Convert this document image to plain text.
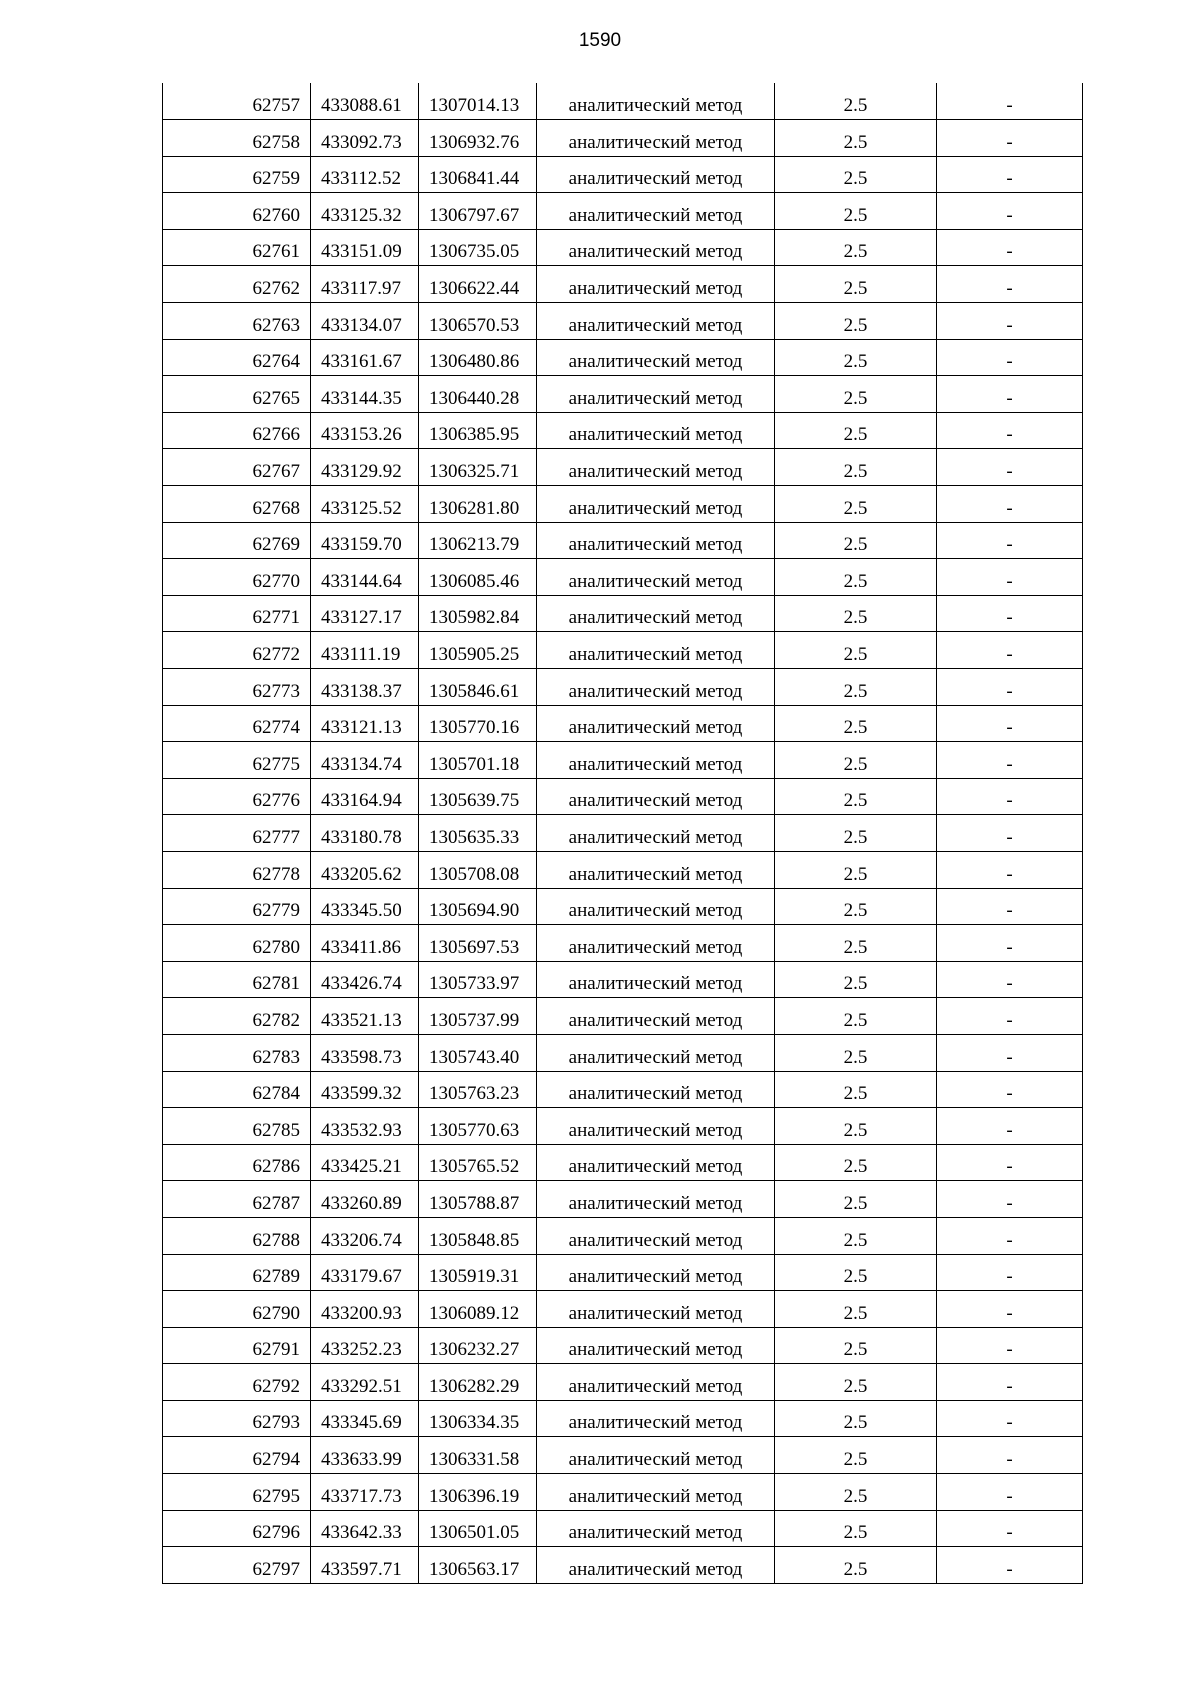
1590
62757	433088.61	1307014.13	аналитический метод	2.5	-
62758	433092.73	1306932.76	аналитический метод	2.5	-
62759	433112.52	1306841.44	аналитический метод	2.5	-
62760	433125.32	1306797.67	аналитический метод	2.5	-
62761	433151.09	1306735.05	аналитический метод	2.5	-
62762	433117.97	1306622.44	аналитический метод	2.5	-
62763	433134.07	1306570.53	аналитический метод	2.5	-
62764	433161.67	1306480.86	аналитический метод	2.5	-
62765	433144.35	1306440.28	аналитический метод	2.5	-
62766	433153.26	1306385.95	аналитический метод	2.5	-
62767	433129.92	1306325.71	аналитический метод	2.5	-
62768	433125.52	1306281.80	аналитический метод	2.5	-
62769	433159.70	1306213.79	аналитический метод	2.5	-
62770	433144.64	1306085.46	аналитический метод	2.5	-
62771	433127.17	1305982.84	аналитический метод	2.5	-
62772	433111.19	1305905.25	аналитический метод	2.5	-
62773	433138.37	1305846.61	аналитический метод	2.5	-
62774	433121.13	1305770.16	аналитический метод	2.5	-
62775	433134.74	1305701.18	аналитический метод	2.5	-
62776	433164.94	1305639.75	аналитический метод	2.5	-
62777	433180.78	1305635.33	аналитический метод	2.5	-
62778	433205.62	1305708.08	аналитический метод	2.5	-
62779	433345.50	1305694.90	аналитический метод	2.5	-
62780	433411.86	1305697.53	аналитический метод	2.5	-
62781	433426.74	1305733.97	аналитический метод	2.5	-
62782	433521.13	1305737.99	аналитический метод	2.5	-
62783	433598.73	1305743.40	аналитический метод	2.5	-
62784	433599.32	1305763.23	аналитический метод	2.5	-
62785	433532.93	1305770.63	аналитический метод	2.5	-
62786	433425.21	1305765.52	аналитический метод	2.5	-
62787	433260.89	1305788.87	аналитический метод	2.5	-
62788	433206.74	1305848.85	аналитический метод	2.5	-
62789	433179.67	1305919.31	аналитический метод	2.5	-
62790	433200.93	1306089.12	аналитический метод	2.5	-
62791	433252.23	1306232.27	аналитический метод	2.5	-
62792	433292.51	1306282.29	аналитический метод	2.5	-
62793	433345.69	1306334.35	аналитический метод	2.5	-
62794	433633.99	1306331.58	аналитический метод	2.5	-
62795	433717.73	1306396.19	аналитический метод	2.5	-
62796	433642.33	1306501.05	аналитический метод	2.5	-
62797	433597.71	1306563.17	аналитический метод	2.5	-
